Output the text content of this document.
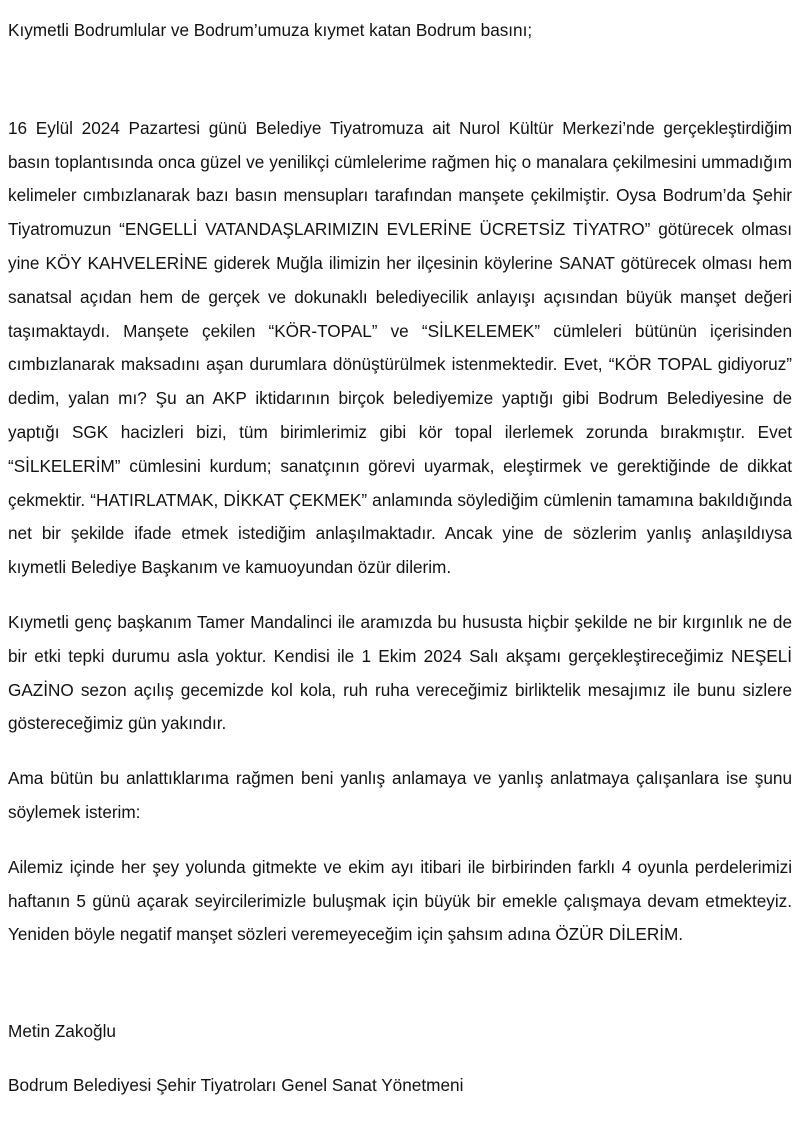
Kıymetli Bodrumlular ve Bodrum’umuza kıymet katan Bodrum basını;

16 Eylül 2024 Pazartesi günü Belediye Tiyatromuza ait Nurol Kültür Merkezi’nde gerçekleştirdiğim basın toplantısında onca güzel ve yenilikçi cümlelerime rağmen hiç o manalara çekilmesini ummadığım kelimeler cımbızlanarak bazı basın mensupları tarafından manşete çekilmiştir. Oysa Bodrum’da Şehir Tiyatromuzun “ENGELLİ VATANDAŞLARIMIZIN EVLERİNE ÜCRETSİZ TİYATRO” götürecek olması yine KÖY KAHVELERİNE giderek Muğla ilimizin her ilçesinin köylerine SANAT götürecek olması hem sanatsal açıdan hem de gerçek ve dokunaklı belediyecilik anlayışı açısından büyük manşet değeri taşımaktaydı. Manşete çekilen “KÖR-TOPAL” ve “SİLKELEMEK” cümleleri bütünün içerisinden cımbızlanarak maksadını aşan durumlara dönüştürülmek istenmektedir. Evet, “KÖR TOPAL gidiyoruz” dedim, yalan mı? Şu an AKP iktidarının birçok belediyemize yaptığı gibi Bodrum Belediyesine de yaptığı SGK hacizleri bizi, tüm birimlerimiz gibi kör topal ilerlemek zorunda bırakmıştır. Evet “SİLKELERİM” cümlesini kurdum; sanatçının görevi uyarmak, eleştirmek ve gerektiğinde de dikkat çekmektir. “HATIRLATMAK, DİKKAT ÇEKMEK” anlamında söylediğim cümlenin tamamına bakıldığında net bir şekilde ifade etmek istediğim anlaşılmaktadır. Ancak yine de sözlerim yanlış anlaşıldıysa kıymetli Belediye Başkanım ve kamuoyundan özür dilerim.

Kıymetli genç başkanım Tamer Mandalinci ile aramızda bu hususta hiçbir şekilde ne bir kırgınlık ne de bir etki tepki durumu asla yoktur. Kendisi ile 1 Ekim 2024 Salı akşamı gerçekleştireceğimiz NEŞELİ GAZİNO sezon açılış gecemizde kol kola, ruh ruha vereceğimiz birliktelik mesajımız ile bunu sizlere göstereceğimiz gün yakındır.

Ama bütün bu anlattıklarıma rağmen beni yanlış anlamaya ve yanlış anlatmaya çalışanlara ise şunu söylemek isterim:

Ailemiz içinde her şey yolunda gitmekte ve ekim ayı itibari ile birbirinden farklı 4 oyunla perdelerimizi haftanın 5 günü açarak seyircilerimizle buluşmak için büyük bir emekle çalışmaya devam etmekteyiz. Yeniden böyle negatif manşet sözleri veremeyeceğim için şahsım adına ÖZÜR DİLERİM.

Metin Zakoğlu

Bodrum Belediyesi Şehir Tiyatroları Genel Sanat Yönetmeni
